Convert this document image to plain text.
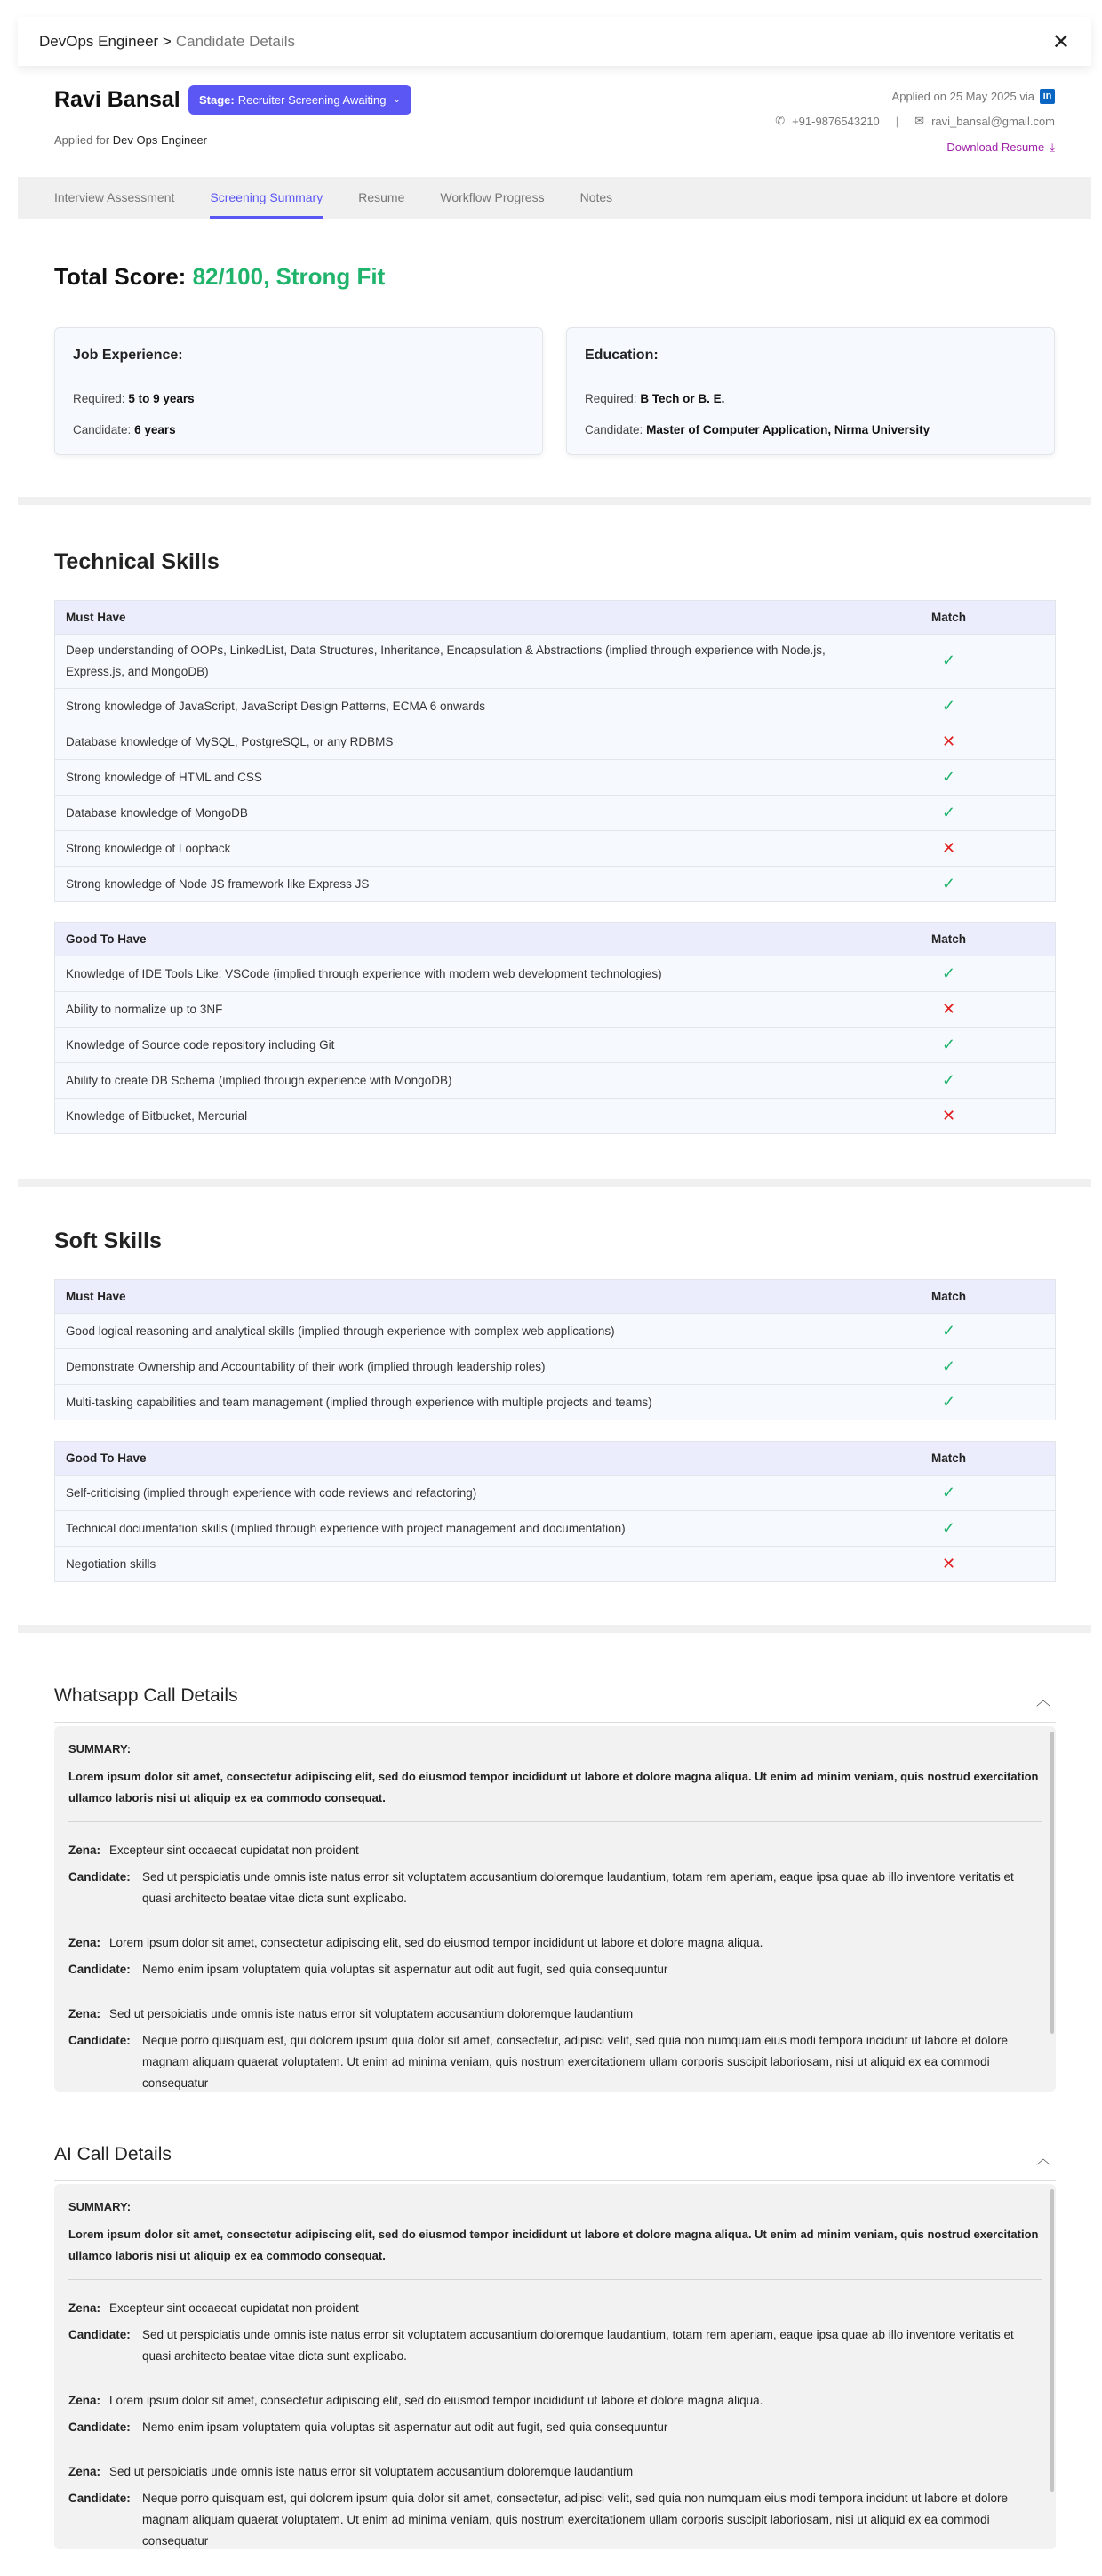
DevOps Engineer > Candidate Details	✕
Ravi Bansal Stage: Recruiter Screening Awaiting ⌄
Applied for Dev Ops Engineer
Applied on 25 May 2025 via in
✆ +91-9876543210 | ✉ ravi_bansal@gmail.com
Download Resume ⤓
Interview Assessment	Screening Summary	Resume	Workflow Progress	Notes
Total Score: 82/100, Strong Fit
Job Experience:

Required: 5 to 9 years

Candidate: 6 years

Education:

Required: B Tech or B. E.

Candidate: Master of Computer Application, Nirma University

Technical Skills
Must Have	Match
Deep understanding of OOPs, LinkedList, Data Structures, Inheritance, Encapsulation & Abstractions (implied through experience with Node.js, Express.js, and MongoDB)	✓
Strong knowledge of JavaScript, JavaScript Design Patterns, ECMA 6 onwards	✓
Database knowledge of MySQL, PostgreSQL, or any RDBMS	✕
Strong knowledge of HTML and CSS	✓
Database knowledge of MongoDB	✓
Strong knowledge of Loopback	✕
Strong knowledge of Node JS framework like Express JS	✓
Good To Have	Match
Knowledge of IDE Tools Like: VSCode (implied through experience with modern web development technologies)	✓
Ability to normalize up to 3NF	✕
Knowledge of Source code repository including Git	✓
Ability to create DB Schema (implied through experience with MongoDB)	✓
Knowledge of Bitbucket, Mercurial	✕
Soft Skills
Must Have	Match
Good logical reasoning and analytical skills (implied through experience with complex web applications)	✓
Demonstrate Ownership and Accountability of their work (implied through leadership roles)	✓
Multi-tasking capabilities and team management (implied through experience with multiple projects and teams)	✓
Good To Have	Match
Self-criticising (implied through experience with code reviews and refactoring)	✓
Technical documentation skills (implied through experience with project management and documentation)	✓
Negotiation skills	✕
Whatsapp Call Details	︿
SUMMARY:
Lorem ipsum dolor sit amet, consectetur adipiscing elit, sed do eiusmod tempor incididunt ut labore et dolore magna aliqua. Ut enim ad minim veniam, quis nostrud exercitation ullamco laboris nisi ut aliquip ex ea commodo consequat.
Zena: Excepteur sint occaecat cupidatat non proident
Candidate: Sed ut perspiciatis unde omnis iste natus error sit voluptatem accusantium doloremque laudantium, totam rem aperiam, eaque ipsa quae ab illo inventore veritatis et quasi architecto beatae vitae dicta sunt explicabo.
Zena: Lorem ipsum dolor sit amet, consectetur adipiscing elit, sed do eiusmod tempor incididunt ut labore et dolore magna aliqua.
Candidate: Nemo enim ipsam voluptatem quia voluptas sit aspernatur aut odit aut fugit, sed quia consequuntur
Zena: Sed ut perspiciatis unde omnis iste natus error sit voluptatem accusantium doloremque laudantium
Candidate: Neque porro quisquam est, qui dolorem ipsum quia dolor sit amet, consectetur, adipisci velit, sed quia non numquam eius modi tempora incidunt ut labore et dolore magnam aliquam quaerat voluptatem. Ut enim ad minima veniam, quis nostrum exercitationem ullam corporis suscipit laboriosam, nisi ut aliquid ex ea commodi consequatur
AI Call Details	︿
SUMMARY:
Lorem ipsum dolor sit amet, consectetur adipiscing elit, sed do eiusmod tempor incididunt ut labore et dolore magna aliqua. Ut enim ad minim veniam, quis nostrud exercitation ullamco laboris nisi ut aliquip ex ea commodo consequat.
Zena: Excepteur sint occaecat cupidatat non proident
Candidate: Sed ut perspiciatis unde omnis iste natus error sit voluptatem accusantium doloremque laudantium, totam rem aperiam, eaque ipsa quae ab illo inventore veritatis et quasi architecto beatae vitae dicta sunt explicabo.
Zena: Lorem ipsum dolor sit amet, consectetur adipiscing elit, sed do eiusmod tempor incididunt ut labore et dolore magna aliqua.
Candidate: Nemo enim ipsam voluptatem quia voluptas sit aspernatur aut odit aut fugit, sed quia consequuntur
Zena: Sed ut perspiciatis unde omnis iste natus error sit voluptatem accusantium doloremque laudantium
Candidate: Neque porro quisquam est, qui dolorem ipsum quia dolor sit amet, consectetur, adipisci velit, sed quia non numquam eius modi tempora incidunt ut labore et dolore magnam aliquam quaerat voluptatem. Ut enim ad minima veniam, quis nostrum exercitationem ullam corporis suscipit laboriosam, nisi ut aliquid ex ea commodi consequatur
